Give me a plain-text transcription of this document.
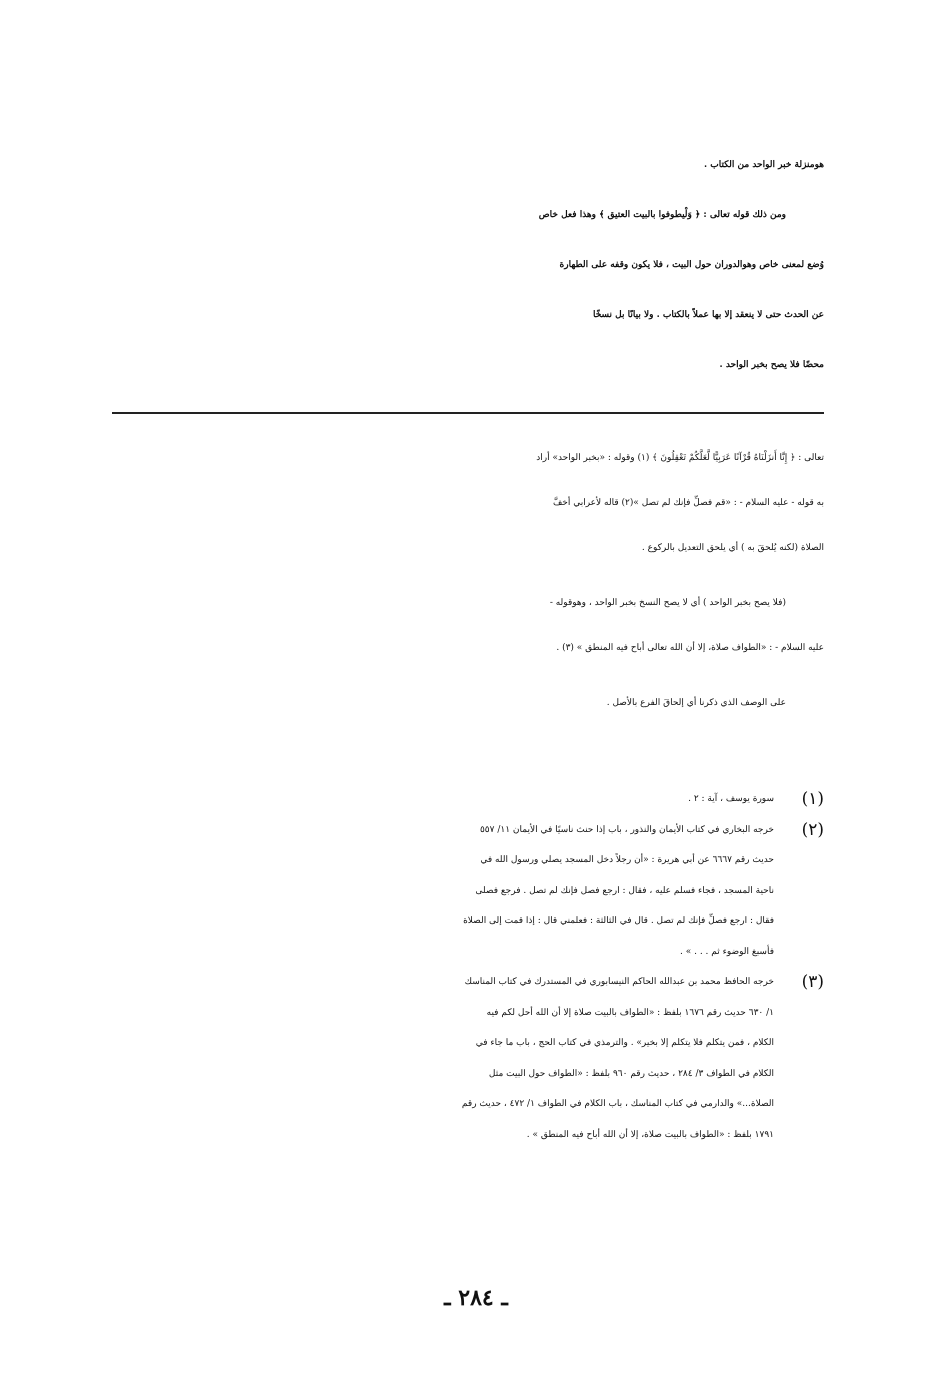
هومنزلة خبر الواحد من الكتاب .
ومن ذلك قوله تعالى : ﴿ وَلْيطوفوا بالبيت العتيق ﴾ وهذا فعل خاص
وُضع لمعنى خاص وهوالدوران حول البيت ، فلا يكون وقفه على الطهارة
عن الحدث حتى لا ينعقد إلا بها عملاً بالكتاب . ولا بيانًا بل نسخًا
محضًا فلا يصح بخبر الواحد .
تعالى : ﴿ إِنَّا أَنزَلْنَاهُ قُرْآنًا عَرَبِيًّا لَّعَلَّكُمْ تَعْقِلُونَ ﴾ (١) وقوله : «بخبر الواحد» أراد
به قوله - عليه السلام - : «قم فصلِّ فإنك لم تصل »(٢) قاله لأعرابي أخفَّ
الصلاة (لكنه يُلحقَ به ) أي يلحق التعديل بالركوع .
(فلا يصح بخبر الواحد ) أي لا يصح النسخ بخبر الواحد ، وهوقوله -
عليه السلام - : «الطواف صلاة، إلا أن الله تعالى أباح فيه المنطق » (٣) .
على الوصف الذي ذكرنا أي إلحاقَ الفرع بالأصل .
(١)
سورة يوسف ، آية : ٢ .
(٢)
خرجه البخاري في كتاب الأيمان والنذور ، باب إذا حنث ناسيًا في الأيمان ١١/ ٥٥٧
حديث رقم ٦٦٦٧ عن أبي هريرة : «أن رجلاً دخل المسجد يصلي ورسول الله في
ناحية المسجد ، فجاء فسلم عليه ، فقال : ارجع فصل فإنك لم تصل . فرجع فصلى
فقال : ارجع فصلِّ فإنك لم تصل . قال في الثالثة : فعلمني قال : إذا قمت إلى الصلاة
فأسبغ الوضوء ثم . . . » .
(٣)
خرجه الحافظ محمد بن عبدالله الحاكم النيسابوري في المستدرك في كتاب المناسك
١/ ٦٣٠ حديث رقم ١٦٧٦ بلفظ : «الطواف بالبيت صلاة إلا أن الله أحل لكم فيه
الكلام ، فمن يتكلم فلا يتكلم إلا بخير» . والترمذي في كتاب الحج ، باب ما جاء في
الكلام في الطواف ٣/ ٢٨٤ ، حديث رقم ٩٦٠ بلفظ : «الطواف حول البيت مثل
الصلاة...» والدارمي في كتاب المناسك ، باب الكلام في الطواف ١/ ٤٧٢ ، حديث رقم
١٧٩١ بلفظ : «الطواف بالبيت صلاة، إلا أن الله أباح فيه المنطق » .
ـ ٢٨٤ ـ
